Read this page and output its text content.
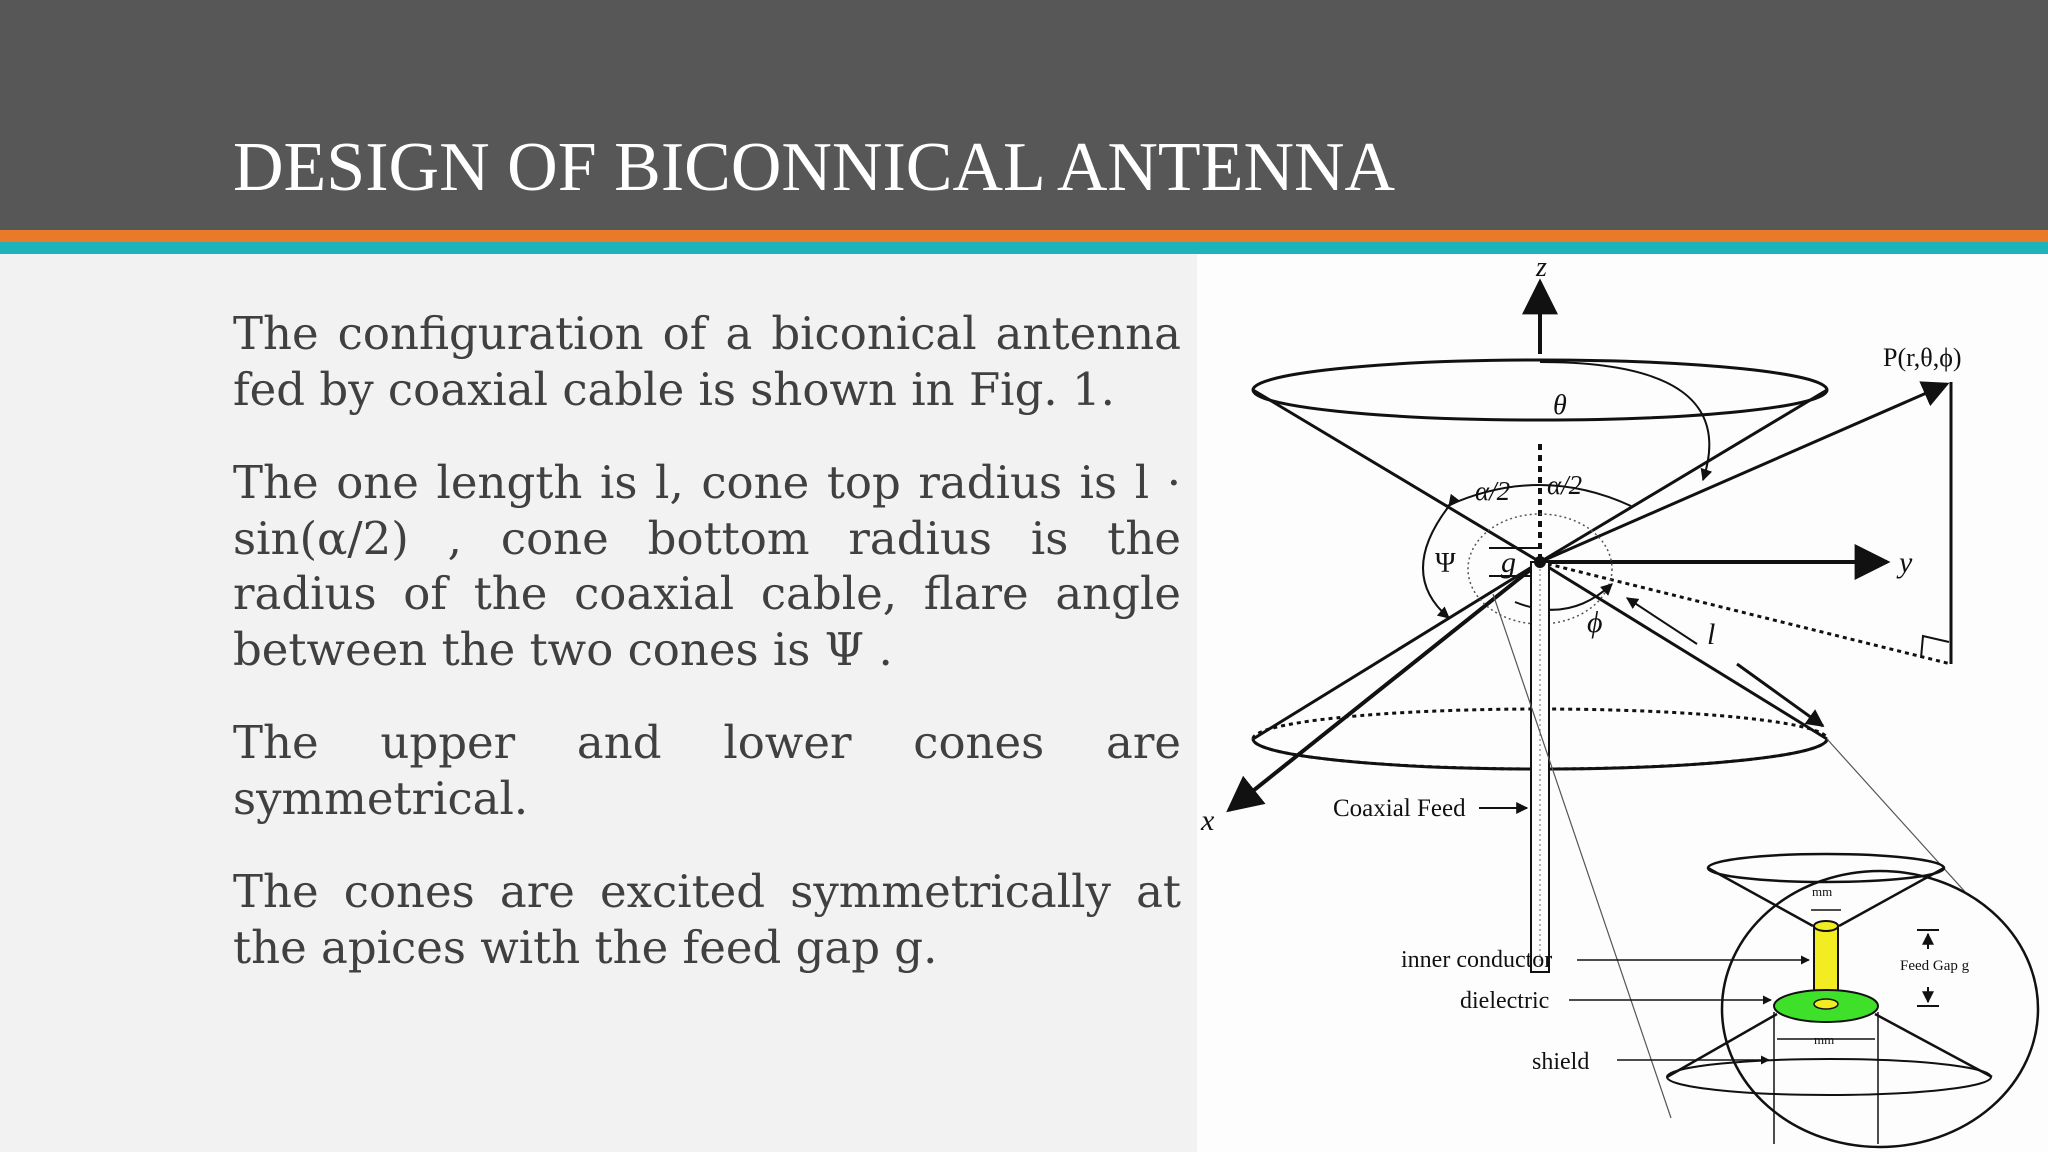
DESIGN OF BICONNICAL ANTENNA

The configuration of a biconical antenna fed by coaxial cable is shown in Fig. 1.

The one length is l, cone top radius is l · sin(α/2) , cone bottom radius is the radius of the coaxial cable, flare angle between the two cones is Ψ .

The upper and lower cones are symmetrical.

The cones are excited symmetrically at the apices with the feed gap g.

z
y
x
P(r,θ,ϕ)
θ
α/2 α/2
Ψ g
ϕ	l
Coaxial Feed
mm
mm
Feed Gap g
inner conductor
dielectric
shield
